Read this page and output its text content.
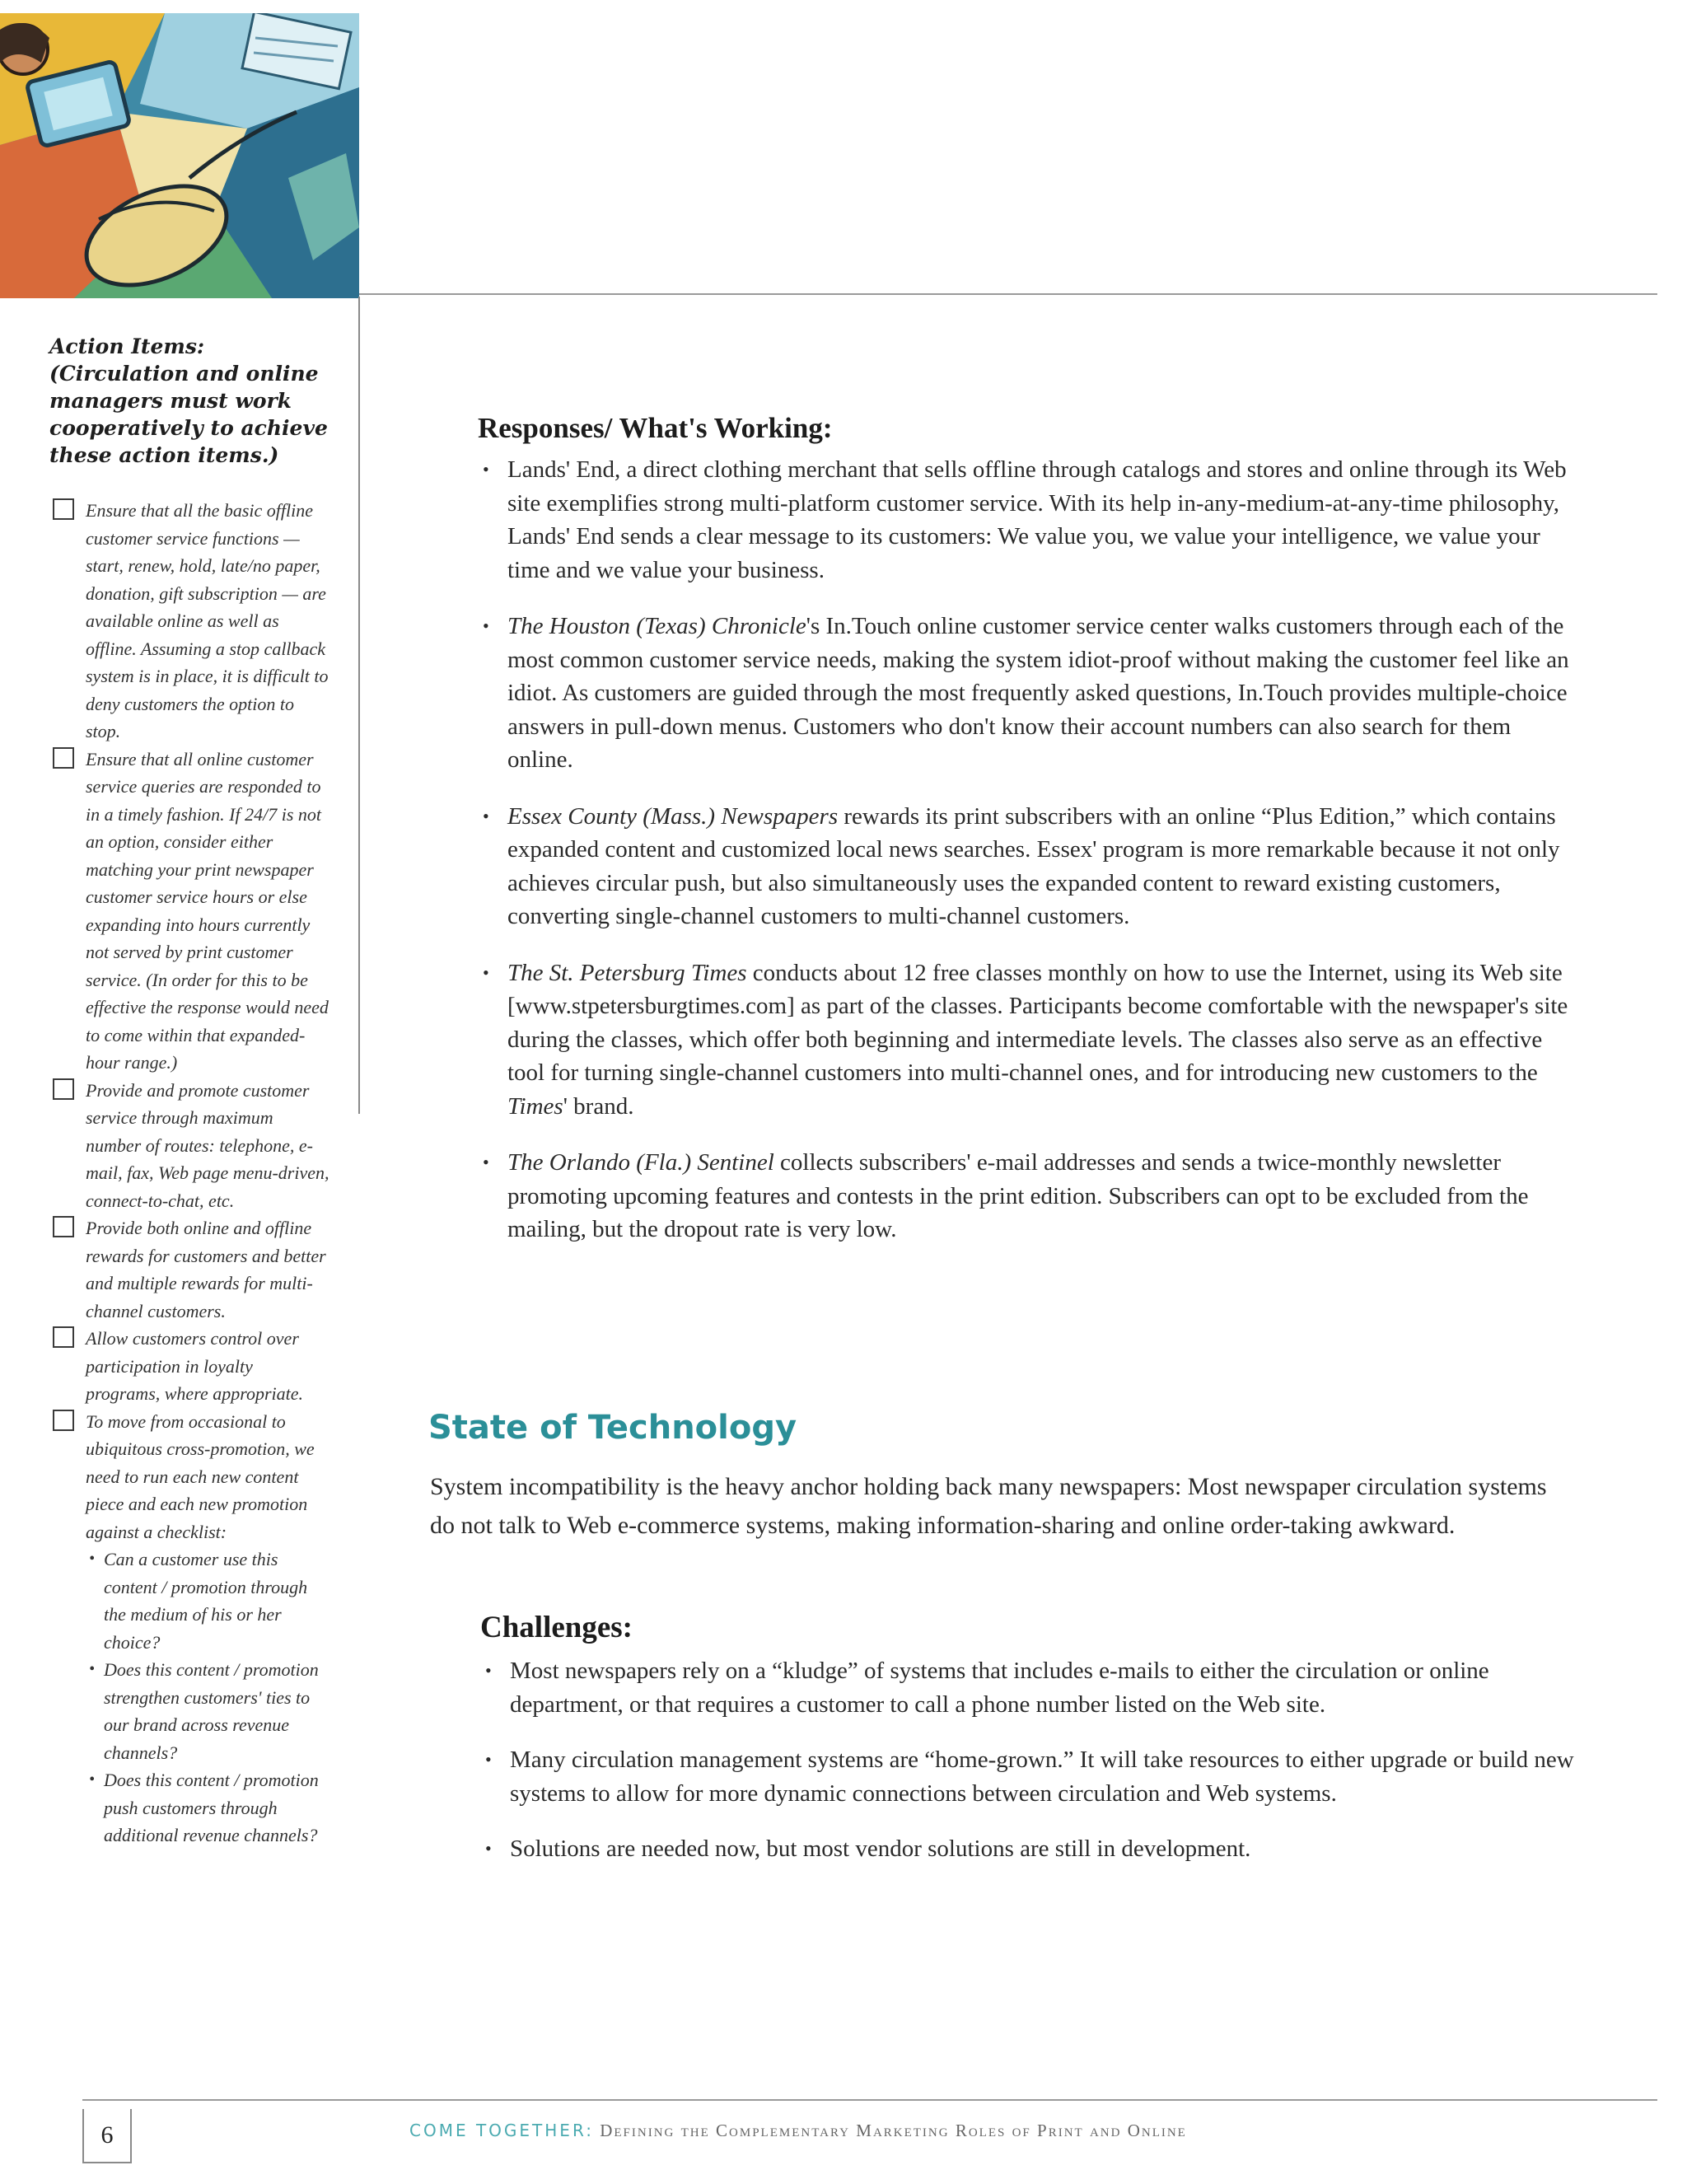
Action Items: (Circulation and online managers must work cooperatively to achieve these action items.)

Ensure that all the basic offline customer service functions — start, renew, hold, late/no paper, donation, gift subscription — are available online as well as offline. Assuming a stop callback system is in place, it is difficult to deny customers the option to stop.
Ensure that all online customer service queries are responded to in a timely fashion. If 24/7 is not an option, consider either matching your print newspaper customer service hours or else expanding into hours currently not served by print customer service. (In order for this to be effective the response would need to come within that expanded-hour range.)
Provide and promote customer service through maximum number of routes: telephone, e-mail, fax, Web page menu-driven, connect-to-chat, etc.
Provide both online and offline rewards for customers and better and multiple rewards for multi-channel customers.
Allow customers control over participation in loyalty programs, where appropriate.
To move from occasional to ubiquitous cross-promotion, we need to run each new content piece and each new promotion against a checklist:
• Can a customer use this content / promotion through the medium of his or her choice?
• Does this content / promotion strengthen customers' ties to our brand across revenue channels?
• Does this content / promotion push customers through additional revenue channels?
Responses/ What's Working:
• Lands' End, a direct clothing merchant that sells offline through catalogs and stores and online through its Web site exemplifies strong multi-platform customer service. With its help in-any-medium-at-any-time philosophy, Lands' End sends a clear message to its customers: We value you, we value your intelligence, we value your time and we value your business.
• The Houston (Texas) Chronicle's In.Touch online customer service center walks customers through each of the most common customer service needs, making the system idiot-proof without making the customer feel like an idiot. As customers are guided through the most frequently asked questions, In.Touch provides multiple-choice answers in pull-down menus. Customers who don't know their account numbers can also search for them online.
• Essex County (Mass.) Newspapers rewards its print subscribers with an online “Plus Edition,” which contains expanded content and customized local news searches. Essex' program is more remarkable because it not only achieves circular push, but also simultaneously uses the expanded content to reward existing customers, converting single-channel customers to multi-channel customers.
• The St. Petersburg Times conducts about 12 free classes monthly on how to use the Internet, using its Web site [www.stpetersburgtimes.com] as part of the classes. Participants become comfortable with the newspaper's site during the classes, which offer both beginning and intermediate levels. The classes also serve as an effective tool for turning single-channel customers into multi-channel ones, and for introducing new customers to the Times' brand.
• The Orlando (Fla.) Sentinel collects subscribers' e-mail addresses and sends a twice-monthly newsletter promoting upcoming features and contests in the print edition. Subscribers can opt to be excluded from the mailing, but the dropout rate is very low.
State of Technology

System incompatibility is the heavy anchor holding back many newspapers: Most newspaper circulation systems do not talk to Web e-commerce systems, making information-sharing and online order-taking awkward.

Challenges:
• Most newspapers rely on a “kludge” of systems that includes e-mails to either the circulation or online department, or that requires a customer to call a phone number listed on the Web site.
• Many circulation management systems are “home-grown.” It will take resources to either upgrade or build new systems to allow for more dynamic connections between circulation and Web systems.
• Solutions are needed now, but most vendor solutions are still in development.
6	COME TOGETHER: Defining the Complementary Marketing Roles of Print and Online
